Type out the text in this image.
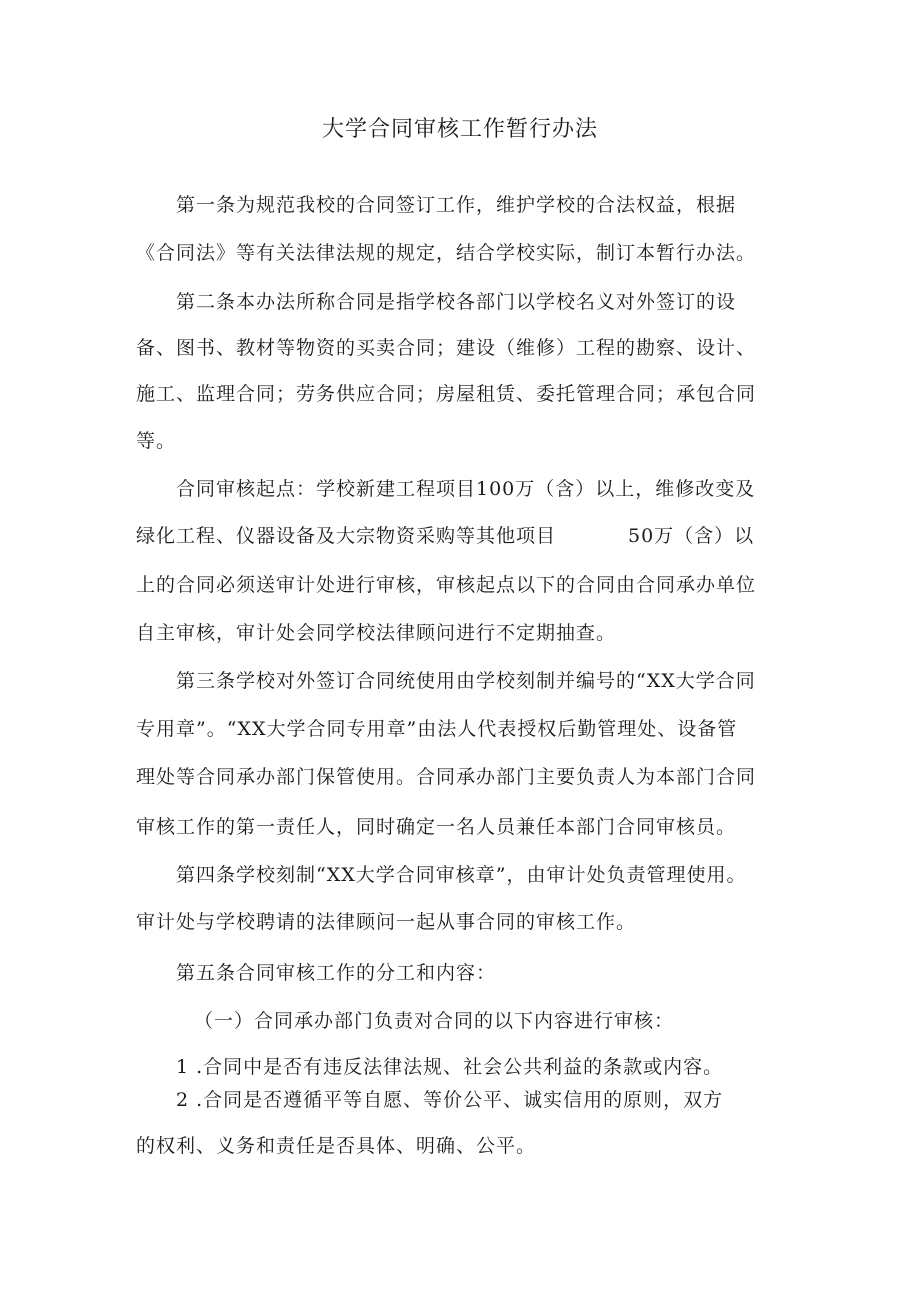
大学合同审核工作暂行办法
第一条为规范我校的合同签订工作，维护学校的合法权益，根据
《合同法》等有关法律法规的规定，结合学校实际，制订本暂行办法。
第二条本办法所称合同是指学校各部门以学校名义对外签订的设
备、图书、教材等物资的买卖合同；建设（维修）工程的勘察、设计、
施工、监理合同；劳务供应合同；房屋租赁、委托管理合同；承包合同
等。
合同审核起点：学校新建工程项目100万（含）以上，维修改变及
绿化工程、仪器设备及大宗物资采购等其他项目	50万（含）以
上的合同必须送审计处进行审核，审核起点以下的合同由合同承办单位
自主审核，审计处会同学校法律顾问进行不定期抽查。
第三条学校对外签订合同统使用由学校刻制并编号的“XX大学合同
专用章”。“XX大学合同专用章”由法人代表授权后勤管理处、设备管
理处等合同承办部门保管使用。合同承办部门主要负责人为本部门合同
审核工作的第一责任人，同时确定一名人员兼任本部门合同审核员。
第四条学校刻制“XX大学合同审核章”，由审计处负责管理使用。
审计处与学校聘请的法律顾问一起从事合同的审核工作。
第五条合同审核工作的分工和内容：
（一）合同承办部门负责对合同的以下内容进行审核：
1 .合同中是否有违反法律法规、社会公共利益的条款或内容。
2 .合同是否遵循平等自愿、等价公平、诚实信用的原则，双方
的权利、义务和责任是否具体、明确、公平。
